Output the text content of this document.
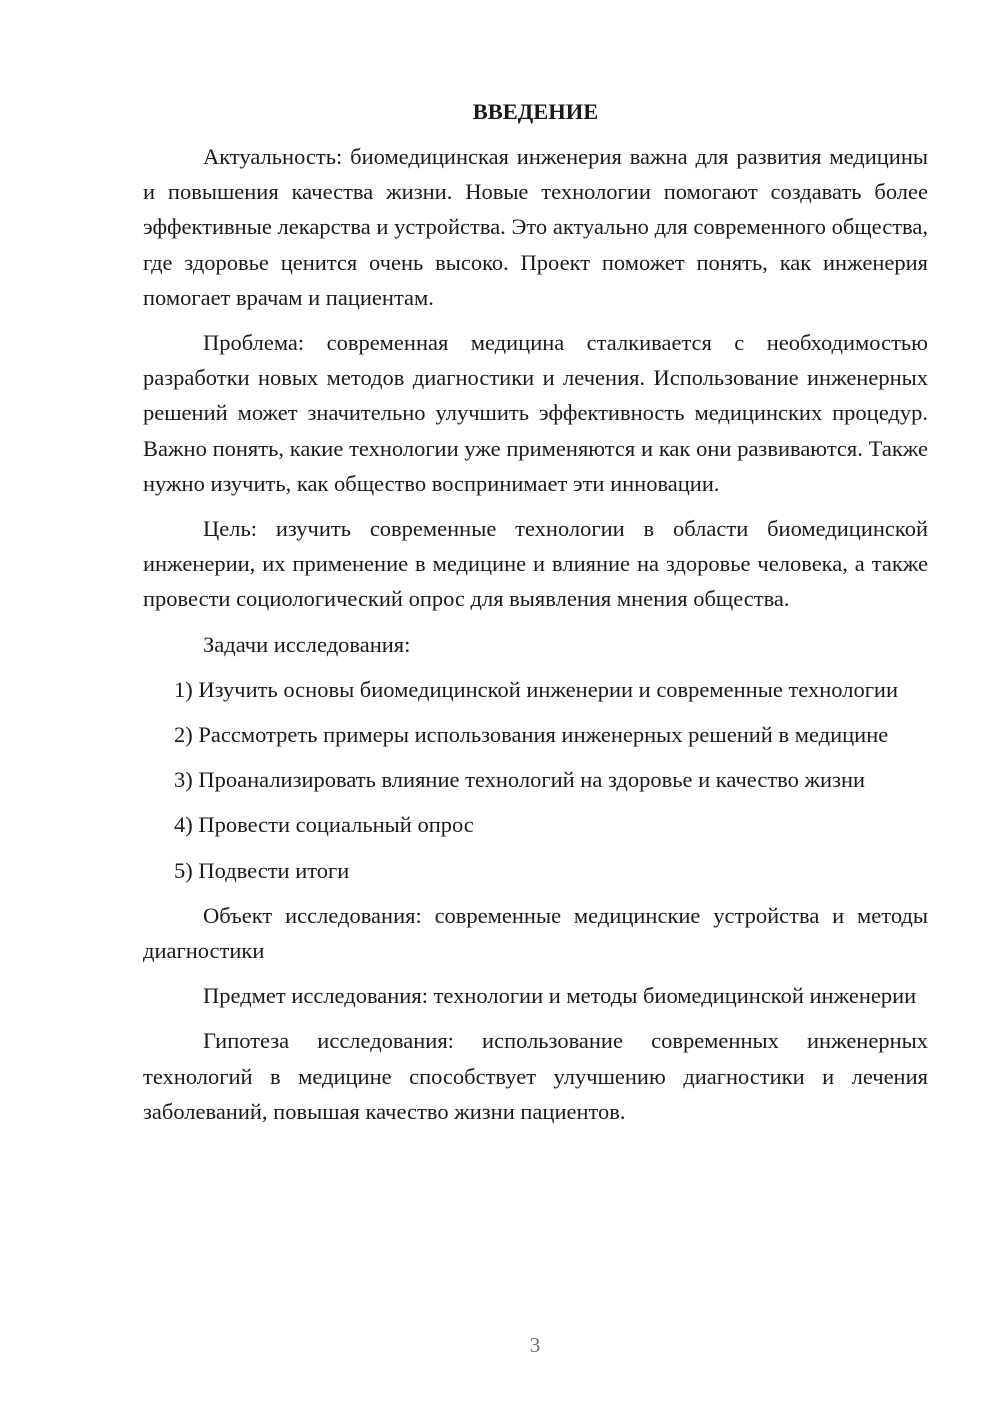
ВВЕДЕНИЕ

Актуальность: биомедицинская инженерия важна для развития медицины и повышения качества жизни. Новые технологии помогают создавать более эффективные лекарства и устройства. Это актуально для современного общества, где здоровье ценится очень высоко. Проект поможет понять, как инженерия помогает врачам и пациентам.

Проблема: современная медицина сталкивается с необходимостью разработки новых методов диагностики и лечения. Использование инженерных решений может значительно улучшить эффективность медицинских процедур. Важно понять, какие технологии уже применяются и как они развиваются. Также нужно изучить, как общество воспринимает эти инновации.

Цель: изучить современные технологии в области биомедицинской инженерии, их применение в медицине и влияние на здоровье человека, а также провести социологический опрос для выявления мнения общества.

Задачи исследования:

1) Изучить основы биомедицинской инженерии и современные технологии

2) Рассмотреть примеры использования инженерных решений в медицине

3) Проанализировать влияние технологий на здоровье и качество жизни

4) Провести социальный опрос

5) Подвести итоги

Объект исследования: современные медицинские устройства и методы диагностики

Предмет исследования: технологии и методы биомедицинской инженерии

Гипотеза исследования: использование современных инженерных технологий в медицине способствует улучшению диагностики и лечения заболеваний, повышая качество жизни пациентов.

3
